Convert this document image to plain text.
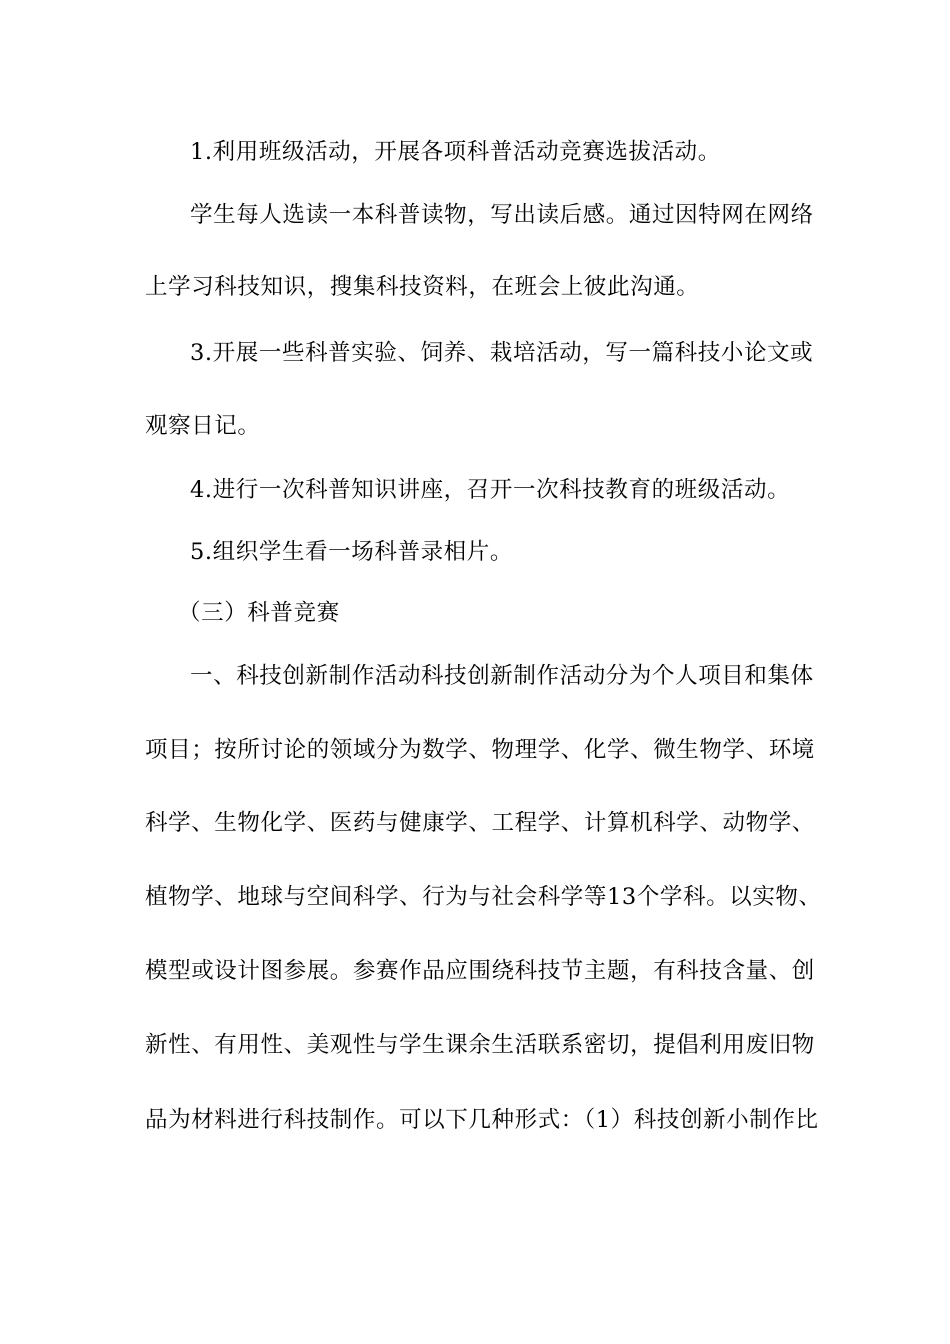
1.利用班级活动，开展各项科普活动竞赛选拔活动。
学生每人选读一本科普读物，写出读后感。通过因特网在网络
上学习科技知识，搜集科技资料，在班会上彼此沟通。
3.开展一些科普实验、饲养、栽培活动，写一篇科技小论文或
观察日记。
4.进行一次科普知识讲座，召开一次科技教育的班级活动。
5.组织学生看一场科普录相片。
（三）科普竞赛
一、科技创新制作活动科技创新制作活动分为个人项目和集体
项目；按所讨论的领域分为数学、物理学、化学、微生物学、环境
科学、生物化学、医药与健康学、工程学、计算机科学、动物学、
植物学、地球与空间科学、行为与社会科学等13个学科。以实物、
模型或设计图参展。参赛作品应围绕科技节主题，有科技含量、创
新性、有用性、美观性与学生课余生活联系密切，提倡利用废旧物
品为材料进行科技制作。可以下几种形式：（1）科技创新小制作比
